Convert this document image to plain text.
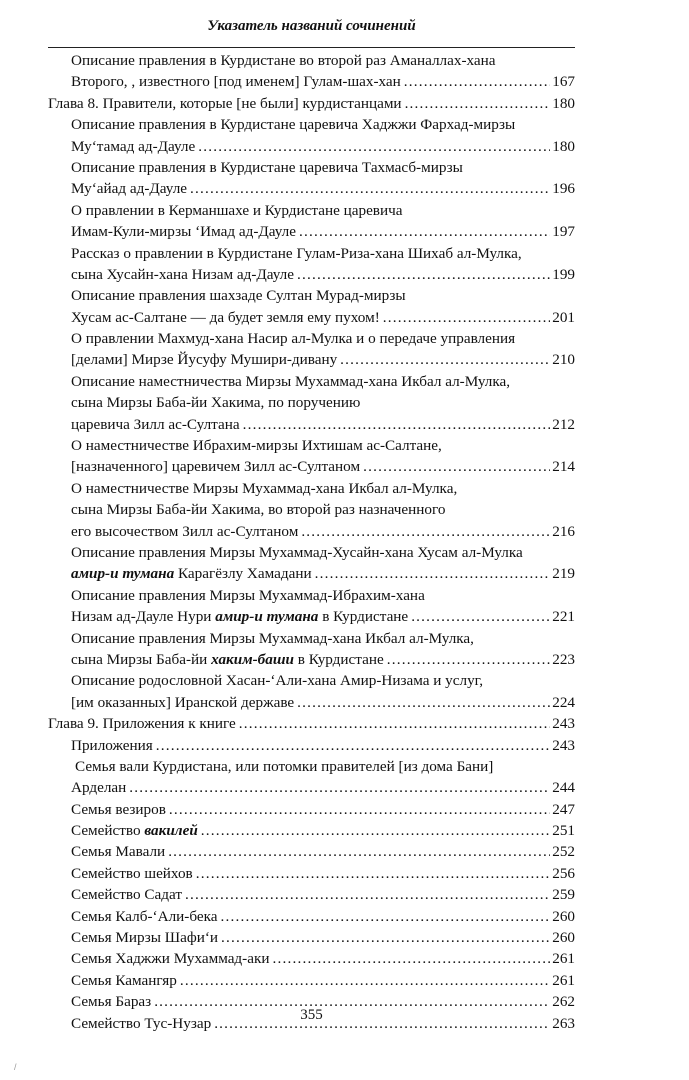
Указатель названий сочинений
Описание правления в Курдистане во второй раз Аманаллах-хана
Второго, , известного [под именем] Гулам-шах-хан .....	167
Глава 8. Правители, которые [не были] курдистанцами .....	180
Описание правления в Курдистане царевича Хаджжи Фархад-мирзы
Му‘тамад ад-Дауле .....	180
Описание правления в Курдистане царевича Тахмасб-мирзы
Му‘айад ад-Дауле .....	196
О правлении в Керманшахе и Курдистане царевича
Имам-Кули-мирзы ‘Имад ад-Дауле .....	197
Рассказ о правлении в Курдистане Гулам-Риза-хана Шихаб ал-Мулка,
сына Хусайн-хана Низам ад-Дауле .....	199
Описание правления шахзаде Султан Мурад-мирзы
Хусам ас-Салтане — да будет земля ему пухом! .....	201
О правлении Махмуд-хана Насир ал-Мулка и о передаче управления
[делами] Мирзе Йусуфу Мушири-дивану .....	210
Описание наместничества Мирзы Мухаммад-хана Икбал ал-Мулка,
сына Мирзы Баба-йи Хакима, по поручению
царевича Зилл ас-Султана .....	212
О наместничестве Ибрахим-мирзы Ихтишам ас-Салтане,
[назначенного] царевичем Зилл ас-Султаном .....	214
О наместничестве Мирзы Мухаммад-хана Икбал ал-Мулка,
сына Мирзы Баба-йи Хакима, во второй раз назначенного
его высочеством Зилл ас-Султаном .....	216
Описание правления Мирзы Мухаммад-Хусайн-хана Хусам ал-Мулка
амир-и тумана Карагёзлу Хамадани .....	219
Описание правления Мирзы Мухаммад-Ибрахим-хана
Низам ад-Дауле Нури амир-и тумана в Курдистане .....	221
Описание правления Мирзы Мухаммад-хана Икбал ал-Мулка,
сына Мирзы Баба-йи хаким-баши в Курдистане .....	223
Описание родословной Хасан-‘Али-хана Амир-Низама и услуг,
[им оказанных] Иранской державе .....	224
Глава 9. Приложения к книге .....	243
Приложения .....	243
Семья вали Курдистана, или потомки правителей [из дома Бани]
Арделан .....	244
Семья везиров .....	247
Семейство вакилей .....	251
Семья Мавали .....	252
Семейство шейхов .....	256
Семейство Садат .....	259
Семья Калб-‘Али-бека .....	260
Семья Мирзы Шафи‘и .....	260
Семья Хаджжи Мухаммад-аки .....	261
Семья Камангяр .....	261
Семья Бараз .....	262
Семейство Тус-Нузар .....	263
355
/
